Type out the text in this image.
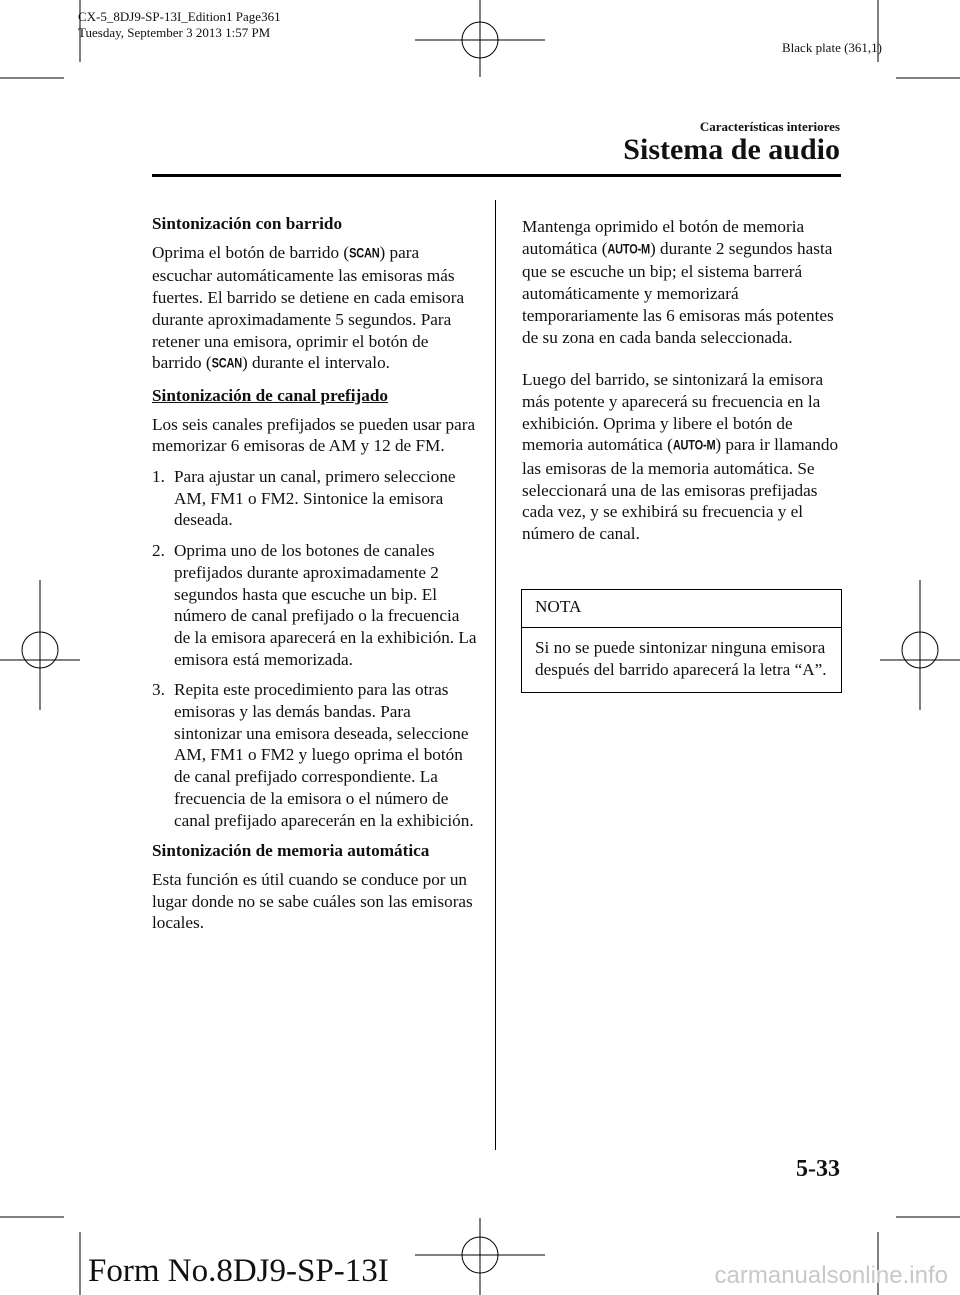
CX-5_8DJ9-SP-13I_Edition1 Page361
Tuesday, September 3 2013 1:57 PM
Black plate (361,1)
Características interiores
Sistema de audio

Sintonización con barrido

Oprima el botón de barrido (SCAN) para escuchar automáticamente las emisoras más fuertes. El barrido se detiene en cada emisora durante aproximadamente 5 segundos. Para retener una emisora, oprimir el botón de barrido (SCAN) durante el intervalo.

Sintonización de canal prefijado

Los seis canales prefijados se pueden usar para memorizar 6 emisoras de AM y 12 de FM.

1. Para ajustar un canal, primero seleccione AM, FM1 o FM2. Sintonice la emisora deseada.
2. Oprima uno de los botones de canales prefijados durante aproximadamente 2 segundos hasta que escuche un bip. El número de canal prefijado o la frecuencia de la emisora aparecerá en la exhibición. La emisora está memorizada.
3. Repita este procedimiento para las otras emisoras y las demás bandas. Para sintonizar una emisora deseada, seleccione AM, FM1 o FM2 y luego oprima el botón de canal prefijado correspondiente. La frecuencia de la emisora o el número de canal prefijado aparecerán en la exhibición.

Sintonización de memoria automática

Esta función es útil cuando se conduce por un lugar donde no se sabe cuáles son las emisoras locales.

Mantenga oprimido el botón de memoria automática (AUTO-M) durante 2 segundos hasta que se escuche un bip; el sistema barrerá automáticamente y memorizará temporariamente las 6 emisoras más potentes de su zona en cada banda seleccionada.

Luego del barrido, se sintonizará la emisora más potente y aparecerá su frecuencia en la exhibición. Oprima y libere el botón de memoria automática (AUTO-M) para ir llamando las emisoras de la memoria automática. Se seleccionará una de las emisoras prefijadas cada vez, y se exhibirá su frecuencia y el número de canal.

NOTA
Si no se puede sintonizar ninguna emisora después del barrido aparecerá la letra “A”.
5-33
Form No.8DJ9-SP-13I	carmanualsonline.info
